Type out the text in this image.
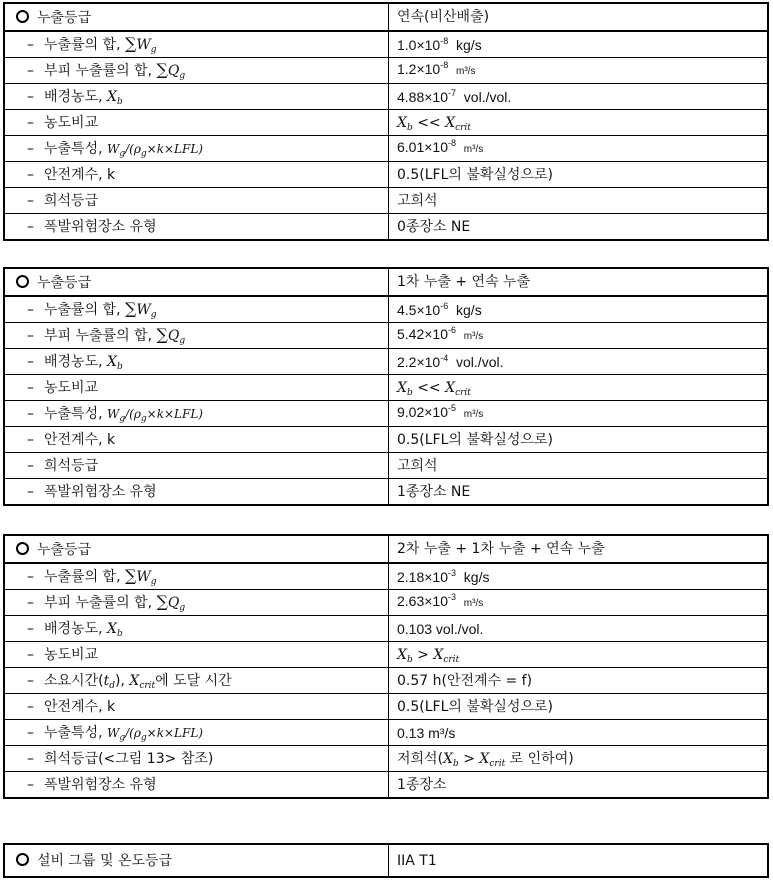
누출등급	연속(비산배출)
– 누출률의 합, $\sum W_g$	$1.0\times 10^{-8}$ kg/s
– 부피 누출률의 합, $\sum Q_g$	$1.2\times 10^{-8}$  m³/s
– 배경농도, $X_b$	$4.88\times 10^{-7}$ vol./vol.
– 농도비교	$X_b << X_{crit}$
– 누출특성, $W_g/(\rho_g\times k\times LFL)$	$6.01\times 10^{-8}$  m³/s
– 안전계수, k	0.5(LFL의 불확실성으로)
– 희석등급	고희석
– 폭발위험장소 유형	0종장소 NE
누출등급	1차 누출 + 연속 누출
– 누출률의 합, $\sum W_g$	$4.5\times 10^{-6}$ kg/s
– 부피 누출률의 합, $\sum Q_g$	$5.42\times 10^{-6}$  m³/s
– 배경농도, $X_b$	$2.2\times 10^{-4}$ vol./vol.
– 농도비교	$X_b << X_{crit}$
– 누출특성, $W_g/(\rho_g\times k\times LFL)$	$9.02\times 10^{-5}$  m³/s
– 안전계수, k	0.5(LFL의 불확실성으로)
– 희석등급	고희석
– 폭발위험장소 유형	1종장소 NE
누출등급	2차 누출 + 1차 누출 + 연속 누출
– 누출률의 합, $\sum W_g$	$2.18\times 10^{-3}$ kg/s
– 부피 누출률의 합, $\sum Q_g$	$2.63\times 10^{-3}$  m³/s
– 배경농도, $X_b$	0.103 vol./vol.
– 농도비교	$X_b > X_{crit}$
– 소요시간$(t_d)$, $X_{crit}$에 도달 시간	0.57 h(안전계수 = f)
– 안전계수, k	0.5(LFL의 불확실성으로)
– 누출특성, $W_g/(\rho_g\times k\times LFL)$	0.13 m³/s
– 희석등급(<그림 13> 참조)	저희석($X_b > X_{crit}$ 로 인하여)
– 폭발위험장소 유형	1종장소
설비 그룹 및 온도등급	IIA T1
